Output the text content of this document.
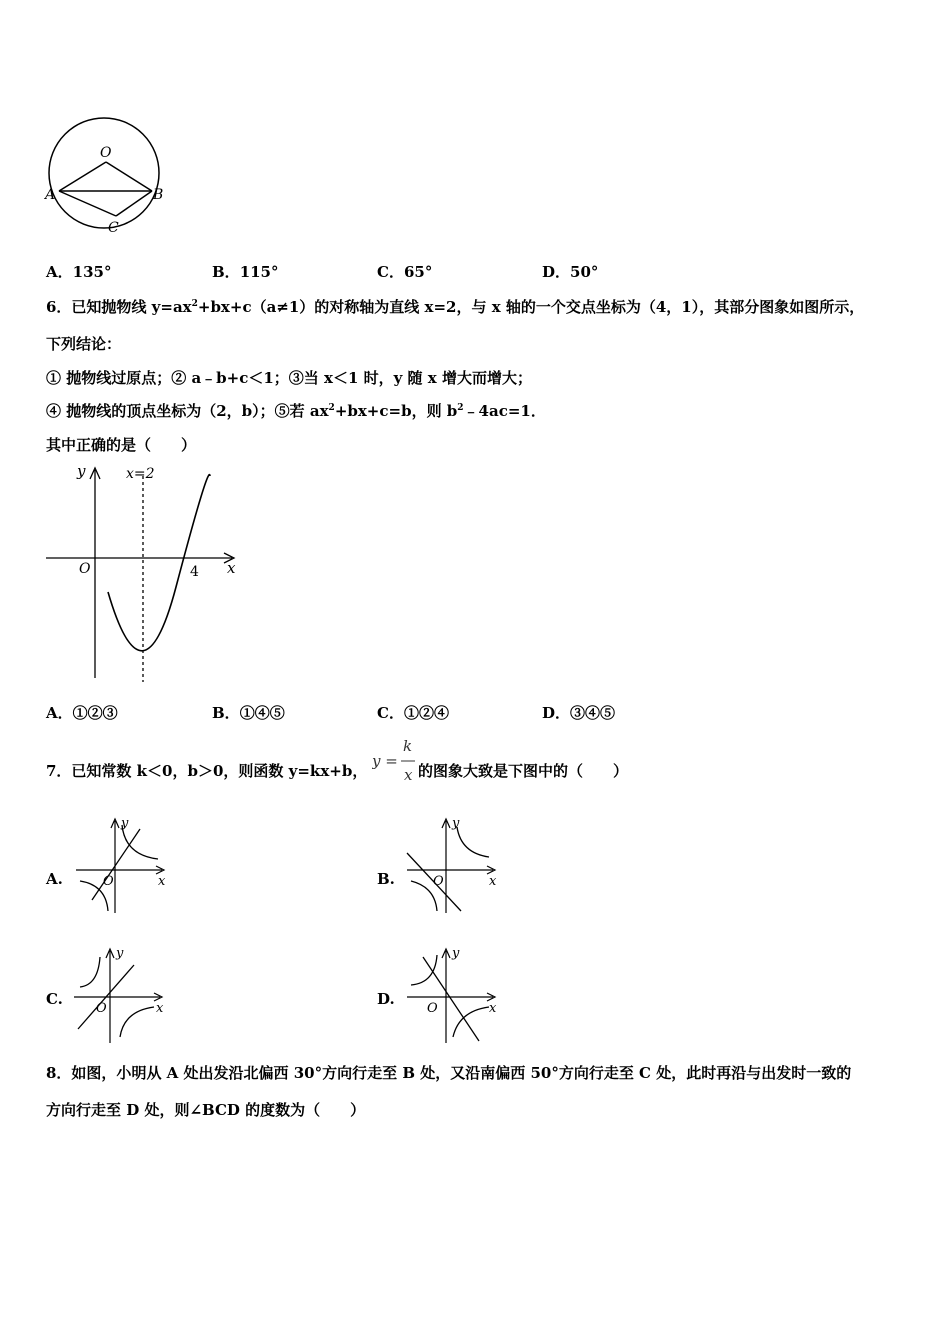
O
A	B
C
A．135°	B．115°	C．65°	D．50°
6．已知抛物线 $y=ax^2+bx+c(a\ne 1)$的对称轴为直线 x=2，与 x 轴的一个交点坐标为（4，1），其部分图象如图所示，
下列结论：
① 抛物线过原点；② a﹣b+c＜1；③当 x＜1 时，y 随 x 增大而增大；
④ 抛物线的顶点坐标为（2，b）；⑤若 $ax^2+bx+c=b$，则 $b^2﹣4ac=1$．
其中正确的是（　　）
y
x
O
x=2
4
A．①②③	B．①④⑤	C．①②④	D．③④⑤
7．已知常数 k＜0，b＞0，则函数 y=kx+b，
y =
k
x 的图象大致是下图中的（　　）
A.
y
x
O	B.
y
x
O
C.
y
x
O
D.
y
x
O
8．如图，小明从 A 处出发沿北偏西 30°方向行走至 B 处，又沿南偏西 50°方向行走至 C 处，此时再沿与出发时一致的
方向行走至 D 处，则∠BCD 的度数为（　　）
